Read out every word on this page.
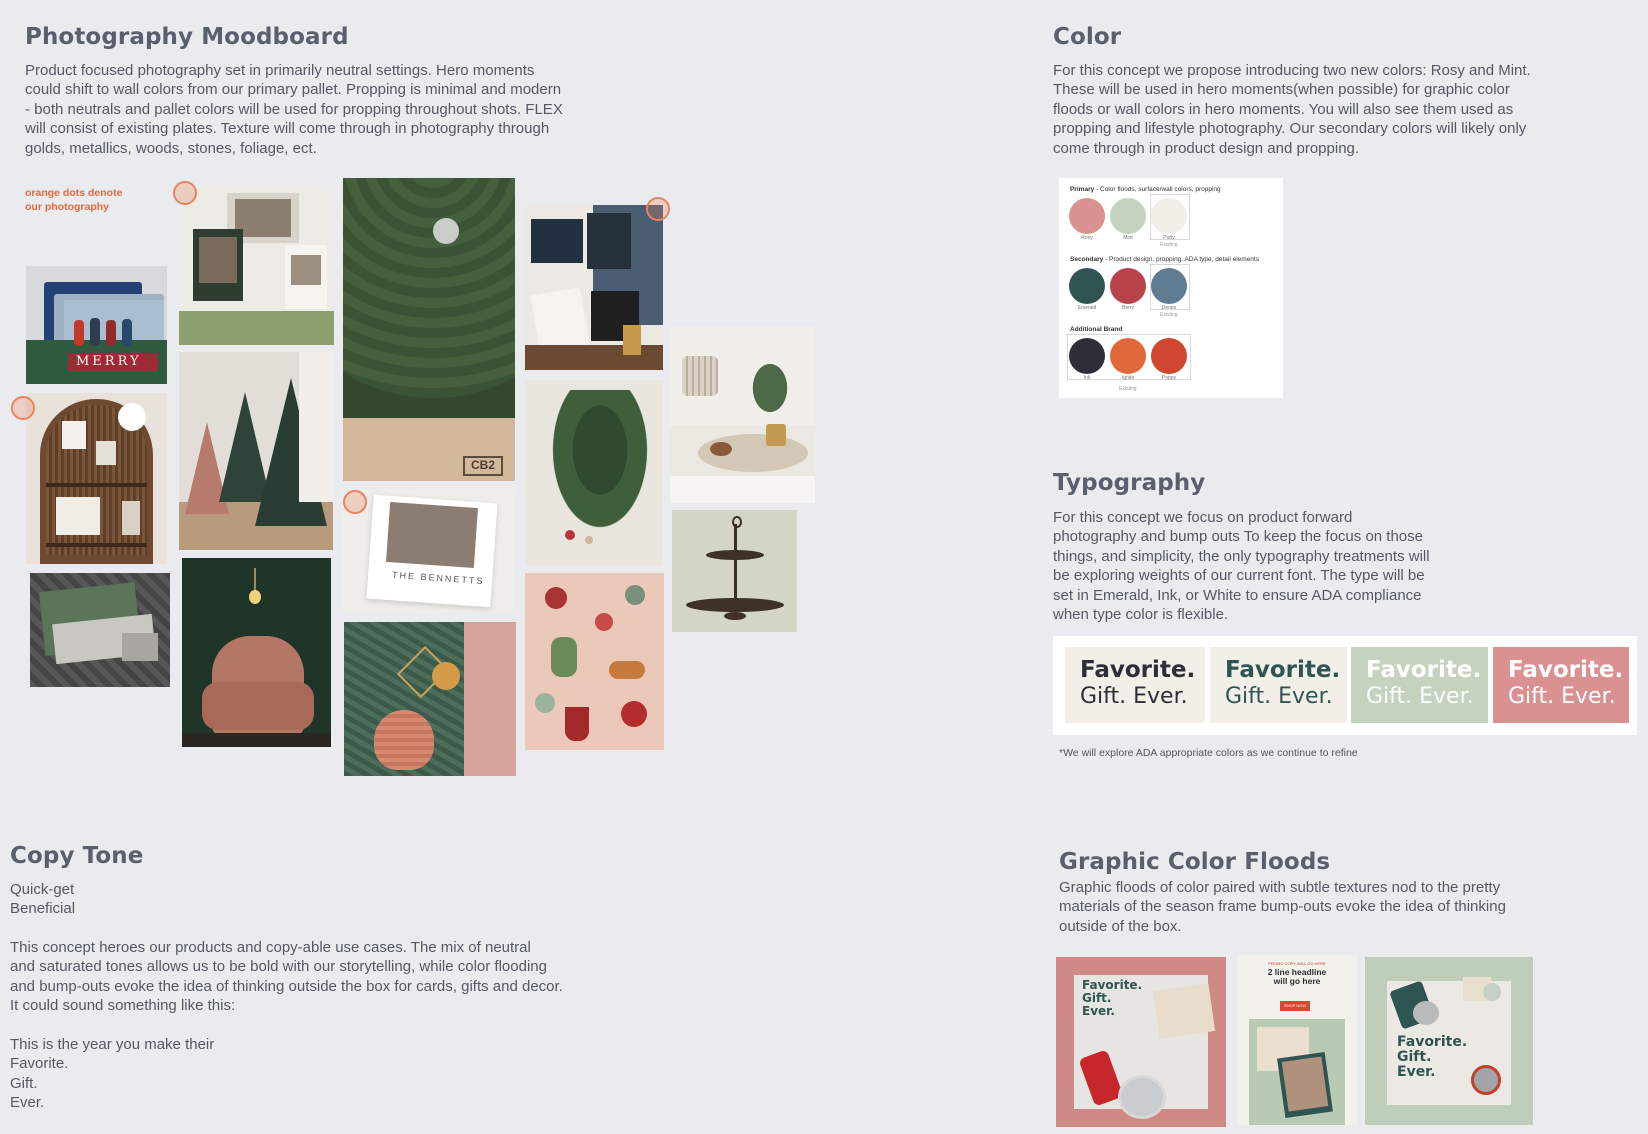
Photography Moodboard
Product focused photography set in primarily neutral settings. Hero moments
could shift to wall colors from our primary pallet. Propping is minimal and modern
- both neutrals and pallet colors will be used for propping throughout shots. FLEX
will consist of existing plates. Texture will come through in photography through
golds, metallics, woods, stones, foliage, ect.
orange dots denote
our photography
MERRY
CB2
THE BENNETTS
Color
For this concept we propose introducing two new colors: Rosy and Mint.
These will be used in hero moments(when possible) for graphic color
floods or wall colors in hero moments. You will also see them used as
propping and lifestyle photography. Our secondary colors will likely only
come through in product design and propping.
Primary - Color floods, surface/wall colors, propping
Rosy	Mint	Putty
Existing
Secondary - Product design, propping, ADA type, detail elements
Emerald	Berry	Denim
Existing
Additional Brand
Ink	Ignite	Poppy
Existing
Typography
For this concept we focus on product forward
photography and bump outs To keep the focus on those
things, and simplicity, the only typography treatments will
be exploring weights of our current font. The type will be
set in Emerald, Ink, or White to ensure ADA compliance
when type color is flexible.
Favorite.
Gift. Ever.
Favorite.
Gift. Ever.
Favorite.
Gift. Ever.
Favorite.
Gift. Ever.
*We will explore ADA appropriate colors as we continue to refine
Copy Tone
Quick-get
Beneficial
This concept heroes our products and copy-able use cases. The mix of neutral
and saturated tones allows us to be bold with our storytelling, while color flooding
and bump-outs evoke the idea of thinking outside the box for cards, gifts and decor.
It could sound something like this:
This is the year you make their
Favorite.
Gift.
Ever.
Graphic Color Floods
Graphic floods of color paired with subtle textures nod to the pretty
materials of the season frame bump-outs evoke the idea of thinking
outside of the box.
Favorite.
Gift.
Ever.
PROMO COPY WILL GO HERE
2 line headline
will go here
SHOP NOW
Favorite.
Gift.
Ever.
